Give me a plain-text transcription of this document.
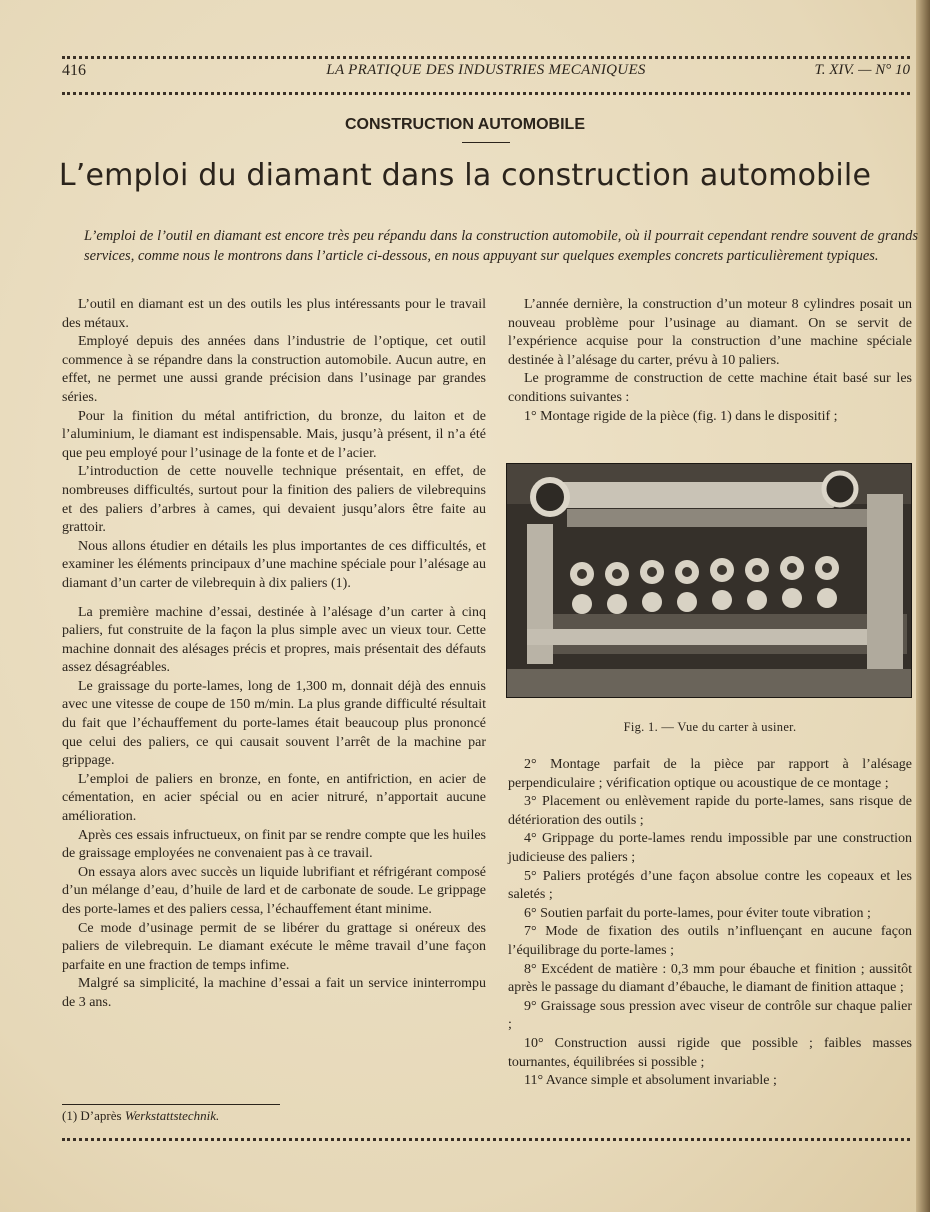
416	LA PRATIQUE DES INDUSTRIES MECANIQUES	T. XIV. — N° 10
CONSTRUCTION AUTOMOBILE
L’emploi du diamant dans la construction automobile
L’emploi de l’outil en diamant est encore très peu répandu dans la construction automobile, où il pourrait cependant rendre souvent de grands services, comme nous le montrons dans l’article ci-dessous, en nous appuyant sur quelques exemples concrets particulièrement typiques.

L’outil en diamant est un des outils les plus intéressants pour le travail des métaux.

Employé depuis des années dans l’industrie de l’optique, cet outil commence à se répandre dans la construction automobile. Aucun autre, en effet, ne permet une aussi grande précision dans l’usinage par grandes séries.

Pour la finition du métal antifriction, du bronze, du laiton et de l’aluminium, le diamant est indispensable. Mais, jusqu’à présent, il n’a été que peu employé pour l’usinage de la fonte et de l’acier.

L’introduction de cette nouvelle technique présentait, en effet, de nombreuses difficultés, surtout pour la finition des paliers de vilebrequins et des paliers d’arbres à cames, qui devaient jusqu’alors être faite au grattoir.

Nous allons étudier en détails les plus importantes de ces difficultés, et examiner les éléments principaux d’une machine spéciale pour l’alésage au diamant d’un carter de vilebrequin à dix paliers (1).

La première machine d’essai, destinée à l’alésage d’un carter à cinq paliers, fut construite de la façon la plus simple avec un vieux tour. Cette machine donnait des alésages précis et propres, mais présentait des défauts assez désagréables.

Le graissage du porte-lames, long de 1,300 m, donnait déjà des ennuis avec une vitesse de coupe de 150 m/min. La plus grande difficulté résultait du fait que l’échauffement du porte-lames était beaucoup plus prononcé que celui des paliers, ce qui causait souvent l’arrêt de la machine par grippage.

L’emploi de paliers en bronze, en fonte, en antifriction, en acier de cémentation, en acier spécial ou en acier nitruré, n’apportait aucune amélioration.

Après ces essais infructueux, on finit par se rendre compte que les huiles de graissage employées ne convenaient pas à ce travail.

On essaya alors avec succès un liquide lubrifiant et réfrigérant composé d’un mélange d’eau, d’huile de lard et de carbonate de soude. Le grippage des porte-lames et des paliers cessa, l’échauffement étant minime.

Ce mode d’usinage permit de se libérer du grattage si onéreux des paliers de vilebrequin. Le diamant exécute le même travail d’une façon parfaite en une fraction de temps infime.

Malgré sa simplicité, la machine d’essai a fait un service ininterrompu de 3 ans.

(1) D’après Werkstattstechnik.

L’année dernière, la construction d’un moteur 8 cylindres posait un nouveau problème pour l’usinage au diamant. On se servit de l’expérience acquise pour la construction d’une machine spéciale destinée à l’alésage du carter, prévu à 10 paliers.

Le programme de construction de cette machine était basé sur les conditions suivantes :

1° Montage rigide de la pièce (fig. 1) dans le dispositif ;

Fig. 1. — Vue du carter à usiner.

2° Montage parfait de la pièce par rapport à l’alésage perpendiculaire ; vérification optique ou acoustique de ce montage ;

3° Placement ou enlèvement rapide du porte-lames, sans risque de détérioration des outils ;

4° Grippage du porte-lames rendu impossible par une construction judicieuse des paliers ;

5° Paliers protégés d’une façon absolue contre les copeaux et les saletés ;

6° Soutien parfait du porte-lames, pour éviter toute vibration ;

7° Mode de fixation des outils n’influençant en aucune façon l’équilibrage du porte-lames ;

8° Excédent de matière : 0,3 mm pour ébauche et finition ; aussitôt après le passage du diamant d’ébauche, le diamant de finition attaque ;

9° Graissage sous pression avec viseur de contrôle sur chaque palier ;

10° Construction aussi rigide que possible ; faibles masses tournantes, équilibrées si possible ;

11° Avance simple et absolument invariable ;
